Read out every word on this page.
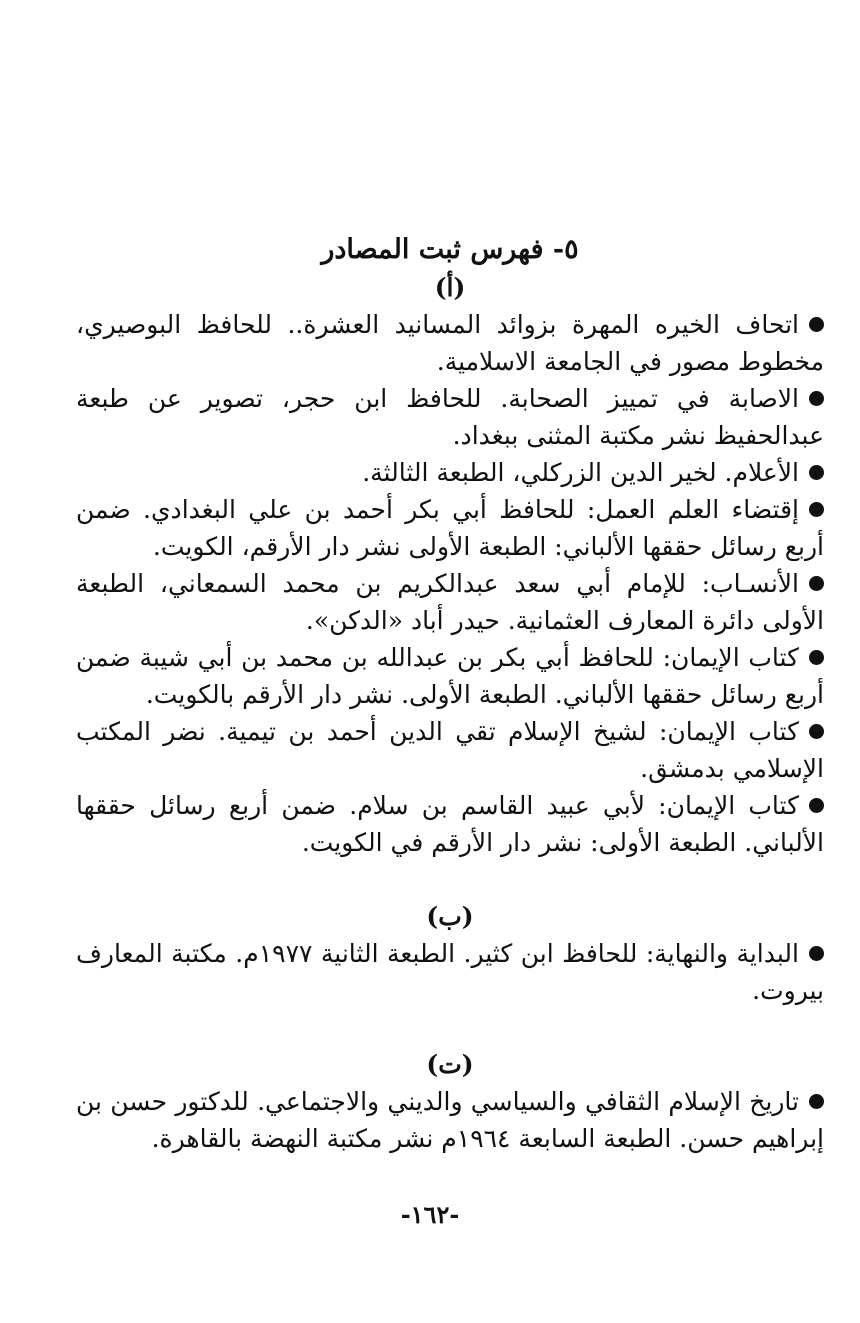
٥- فهرس ثبت المصادر
(أ)
اتحاف الخيره المهرة بزوائد المسانيد العشرة.. للحافظ البوصيري، مخطوط مصور في الجامعة الاسلامية.
الاصابة في تمييز الصحابة. للحافظ ابن حجر، تصوير عن طبعة عبدالحفيظ نشر مكتبة المثنى ببغداد.
الأعلام. لخير الدين الزركلي، الطبعة الثالثة.
إقتضاء العلم العمل: للحافظ أبي بكر أحمد بن علي البغدادي. ضمن أربع رسائل حققها الألباني: الطبعة الأولى نشر دار الأرقم، الكويت.
الأنسـاب: للإمام أبي سعد عبدالكريم بن محمد السمعاني، الطبعة الأولى دائرة المعارف العثمانية. حيدر أباد «الدكن».
كتاب الإيمان: للحافظ أبي بكر بن عبدالله بن محمد بن أبي شيبة ضمن أربع رسائل حققها الألباني. الطبعة الأولى. نشر دار الأرقم بالكويت.
كتاب الإيمان: لشيخ الإسلام تقي الدين أحمد بن تيمية. نضر المكتب الإسلامي بدمشق.
كتاب الإيمان: لأبي عبيد القاسم بن سلام. ضمن أربع رسائل حققها الألباني. الطبعة الأولى: نشر دار الأرقم في الكويت.
(ب)
البداية والنهاية: للحافظ ابن كثير. الطبعة الثانية ١٩٧٧م. مكتبة المعارف بيروت.
(ت)
تاريخ الإسلام الثقافي والسياسي والديني والاجتماعي. للدكتور حسن بن إبراهيم حسن. الطبعة السابعة ١٩٦٤م نشر مكتبة النهضة بالقاهرة.
-١٦٢-
